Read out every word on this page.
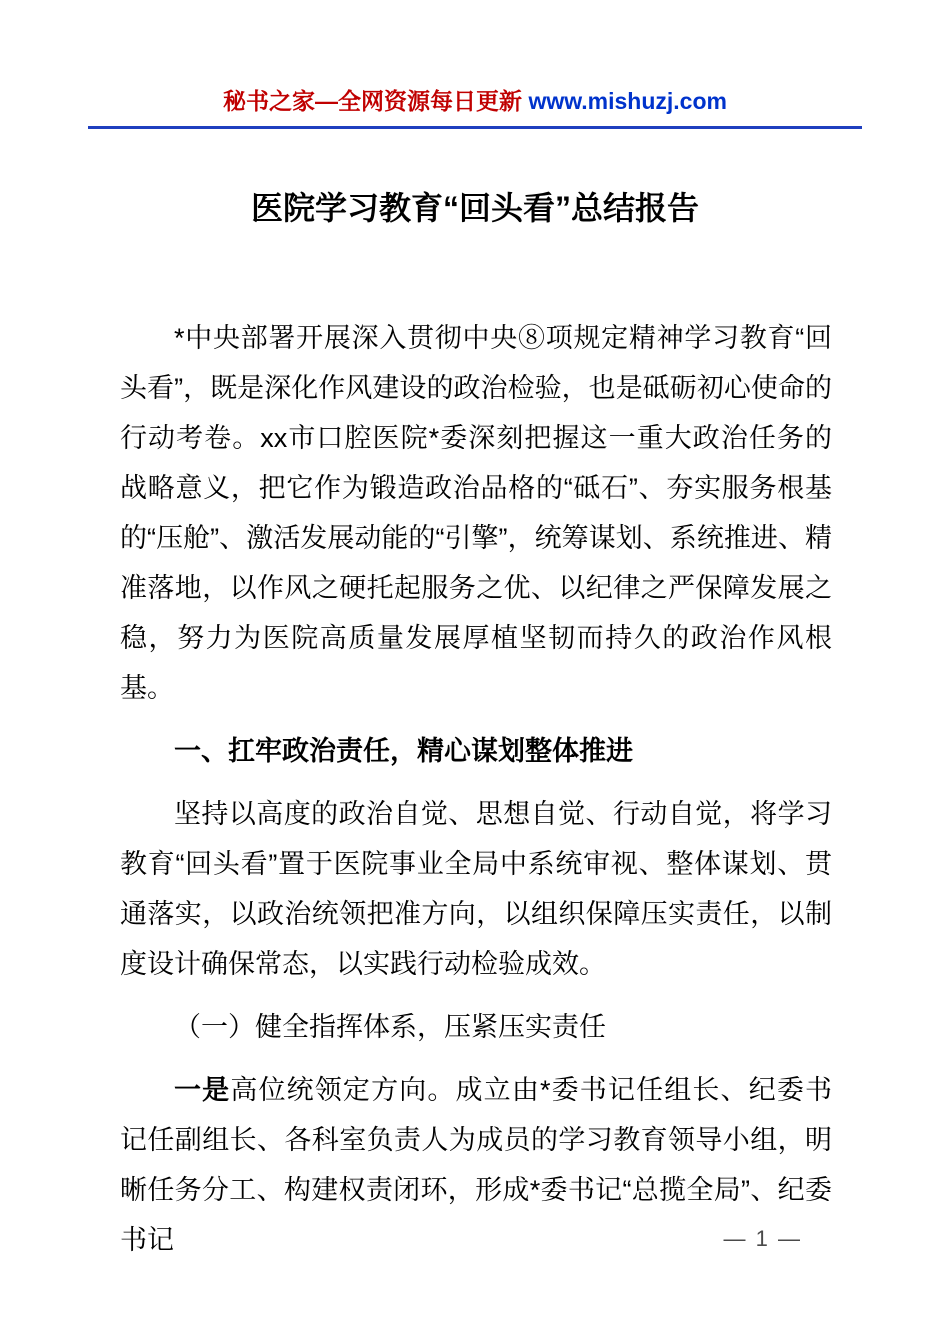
秘书之家—全网资源每日更新 www.mishuzj.com
医院学习教育“回头看”总结报告

*中央部署开展深入贯彻中央⑧项规定精神学习教育“回头看”，既是深化作风建设的政治检验，也是砥砺初心使命的行动考卷。xx市口腔医院*委深刻把握这一重大政治任务的战略意义，把它作为锻造政治品格的“砥石”、夯实服务根基的“压舱”、激活发展动能的“引擎”，统筹谋划、系统推进、精准落地，以作风之硬托起服务之优、以纪律之严保障发展之稳，努力为医院高质量发展厚植坚韧而持久的政治作风根基。

一、扛牢政治责任，精心谋划整体推进

坚持以高度的政治自觉、思想自觉、行动自觉，将学习教育“回头看”置于医院事业全局中系统审视、整体谋划、贯通落实，以政治统领把准方向，以组织保障压实责任，以制度设计确保常态，以实践行动检验成效。

（一）健全指挥体系，压紧压实责任

一是高位统领定方向。成立由*委书记任组长、纪委书记任副组长、各科室负责人为成员的学习教育领导小组，明晰任务分工、构建权责闭环，形成*委书记“总揽全局”、纪委书记	— 1 —
